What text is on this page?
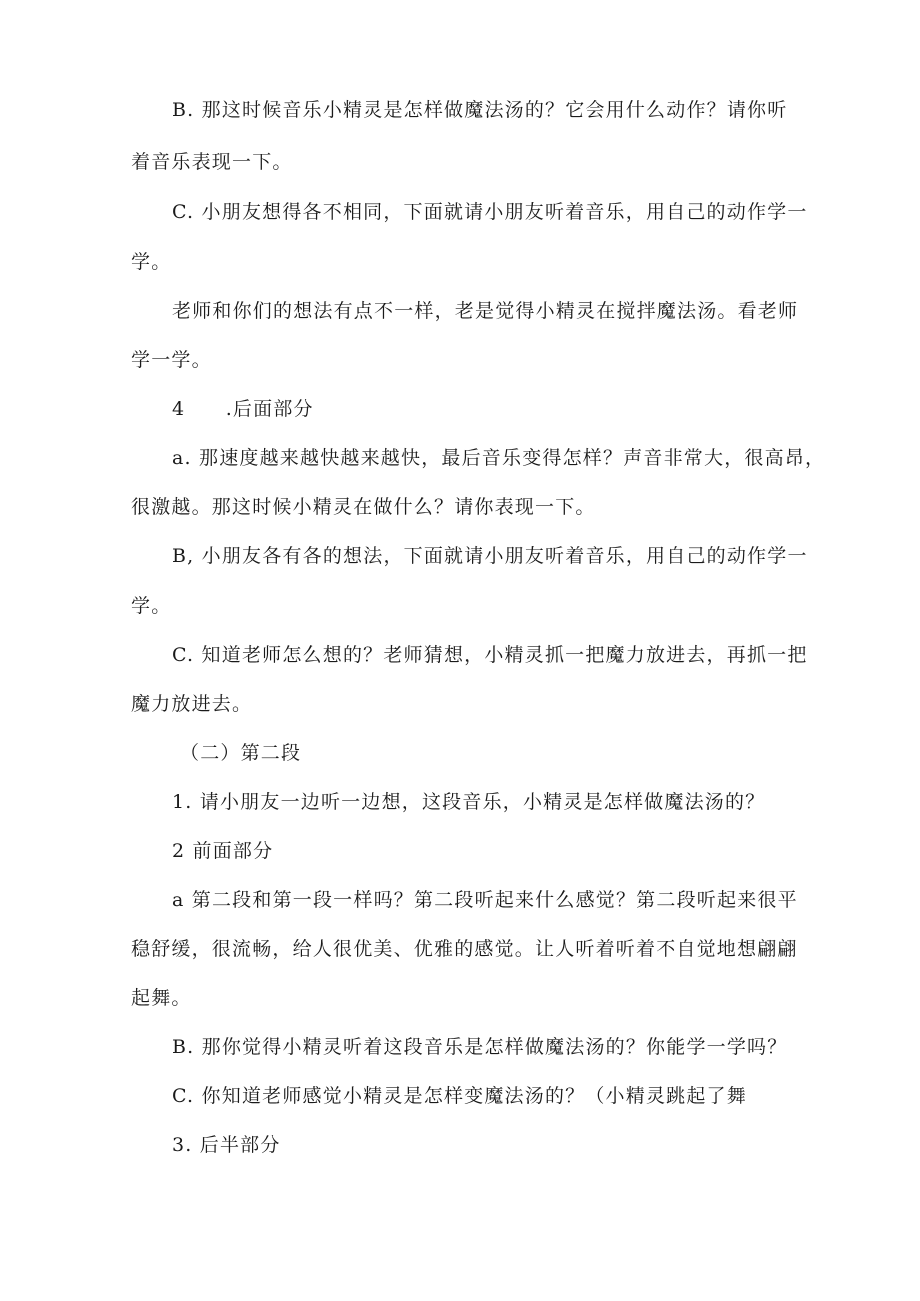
B. 那这时候音乐小精灵是怎样做魔法汤的？它会用什么动作？请你听

着音乐表现一下。

C. 小朋友想得各不相同，下面就请小朋友听着音乐，用自己的动作学一

学。

老师和你们的想法有点不一样，老是觉得小精灵在搅拌魔法汤。看老师

学一学。

4　　.后面部分

a. 那速度越来越快越来越快，最后音乐变得怎样？声音非常大，很高昂，

很激越。那这时候小精灵在做什么？请你表现一下。

B, 小朋友各有各的想法，下面就请小朋友听着音乐，用自己的动作学一

学。

C. 知道老师怎么想的？老师猜想，小精灵抓一把魔力放进去，再抓一把

魔力放进去。

（二）第二段

1. 请小朋友一边听一边想，这段音乐，小精灵是怎样做魔法汤的？

2 前面部分

a 第二段和第一段一样吗？第二段听起来什么感觉？第二段听起来很平

稳舒缓，很流畅，给人很优美、优雅的感觉。让人听着听着不自觉地想翩翩

起舞。

B. 那你觉得小精灵听着这段音乐是怎样做魔法汤的？你能学一学吗？

C. 你知道老师感觉小精灵是怎样变魔法汤的？（小精灵跳起了舞

3. 后半部分
